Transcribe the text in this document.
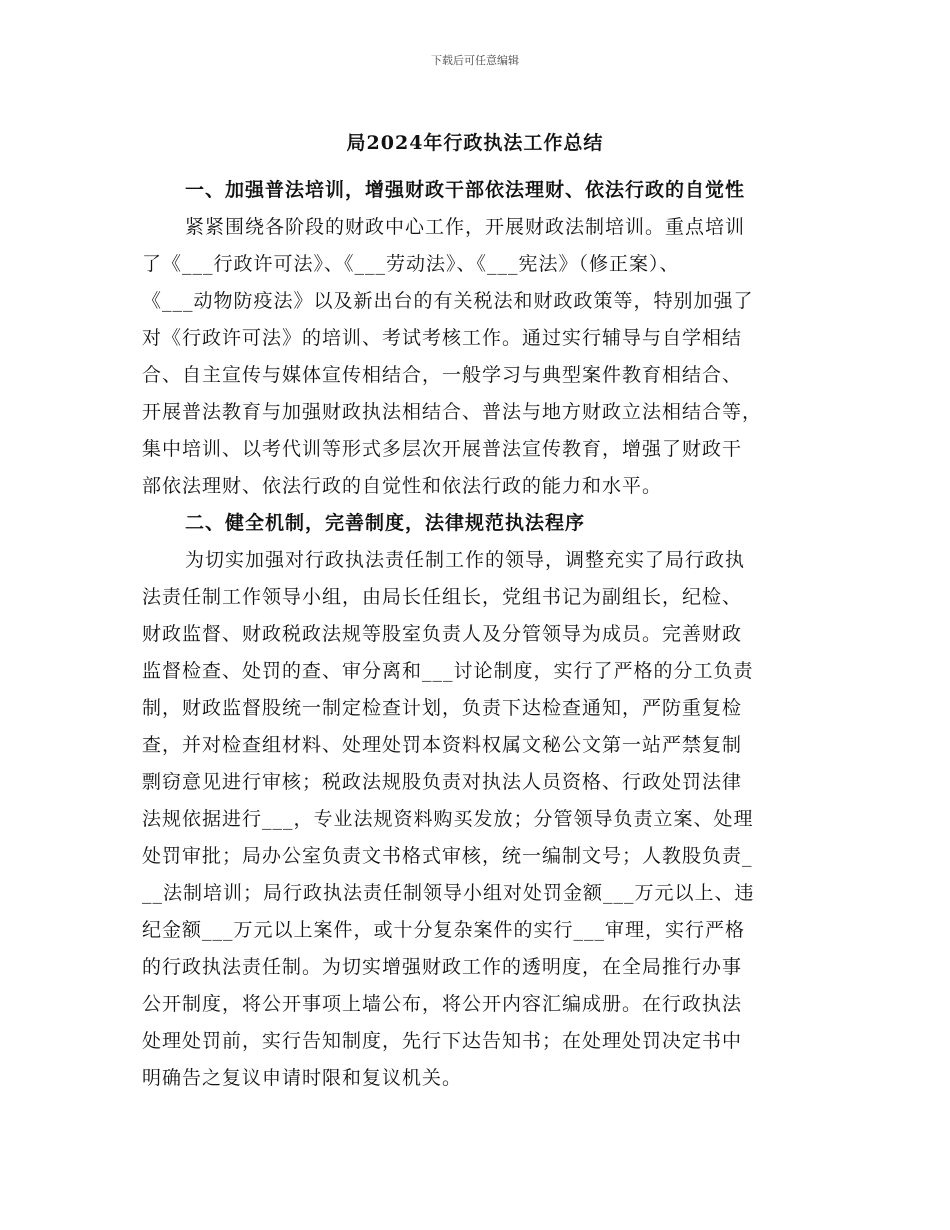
下载后可任意编辑
局2024年行政执法工作总结
一、加强普法培训，增强财政干部依法理财、依法行政的自觉性
紧紧围绕各阶段的财政中心工作，开展财政法制培训。重点培训
了《___行政许可法》、《___劳动法》、《___宪法》（修正案）、
《___动物防疫法》以及新出台的有关税法和财政政策等，特别加强了
对《行政许可法》的培训、考试考核工作。通过实行辅导与自学相结
合、自主宣传与媒体宣传相结合，一般学习与典型案件教育相结合、
开展普法教育与加强财政执法相结合、普法与地方财政立法相结合等，
集中培训、以考代训等形式多层次开展普法宣传教育，增强了财政干
部依法理财、依法行政的自觉性和依法行政的能力和水平。
二、健全机制，完善制度，法律规范执法程序
为切实加强对行政执法责任制工作的领导，调整充实了局行政执
法责任制工作领导小组，由局长任组长，党组书记为副组长，纪检、
财政监督、财政税政法规等股室负责人及分管领导为成员。完善财政
监督检查、处罚的查、审分离和___讨论制度，实行了严格的分工负责
制，财政监督股统一制定检查计划，负责下达检查通知，严防重复检
查，并对检查组材料、处理处罚本资料权属文秘公文第一站严禁复制
剽窃意见进行审核；税政法规股负责对执法人员资格、行政处罚法律
法规依据进行___，专业法规资料购买发放；分管领导负责立案、处理
处罚审批；局办公室负责文书格式审核，统一编制文号；人教股负责_
__法制培训；局行政执法责任制领导小组对处罚金额___万元以上、违
纪金额___万元以上案件，或十分复杂案件的实行___审理，实行严格
的行政执法责任制。为切实增强财政工作的透明度，在全局推行办事
公开制度，将公开事项上墙公布，将公开内容汇编成册。在行政执法
处理处罚前，实行告知制度，先行下达告知书；在处理处罚决定书中
明确告之复议申请时限和复议机关。
